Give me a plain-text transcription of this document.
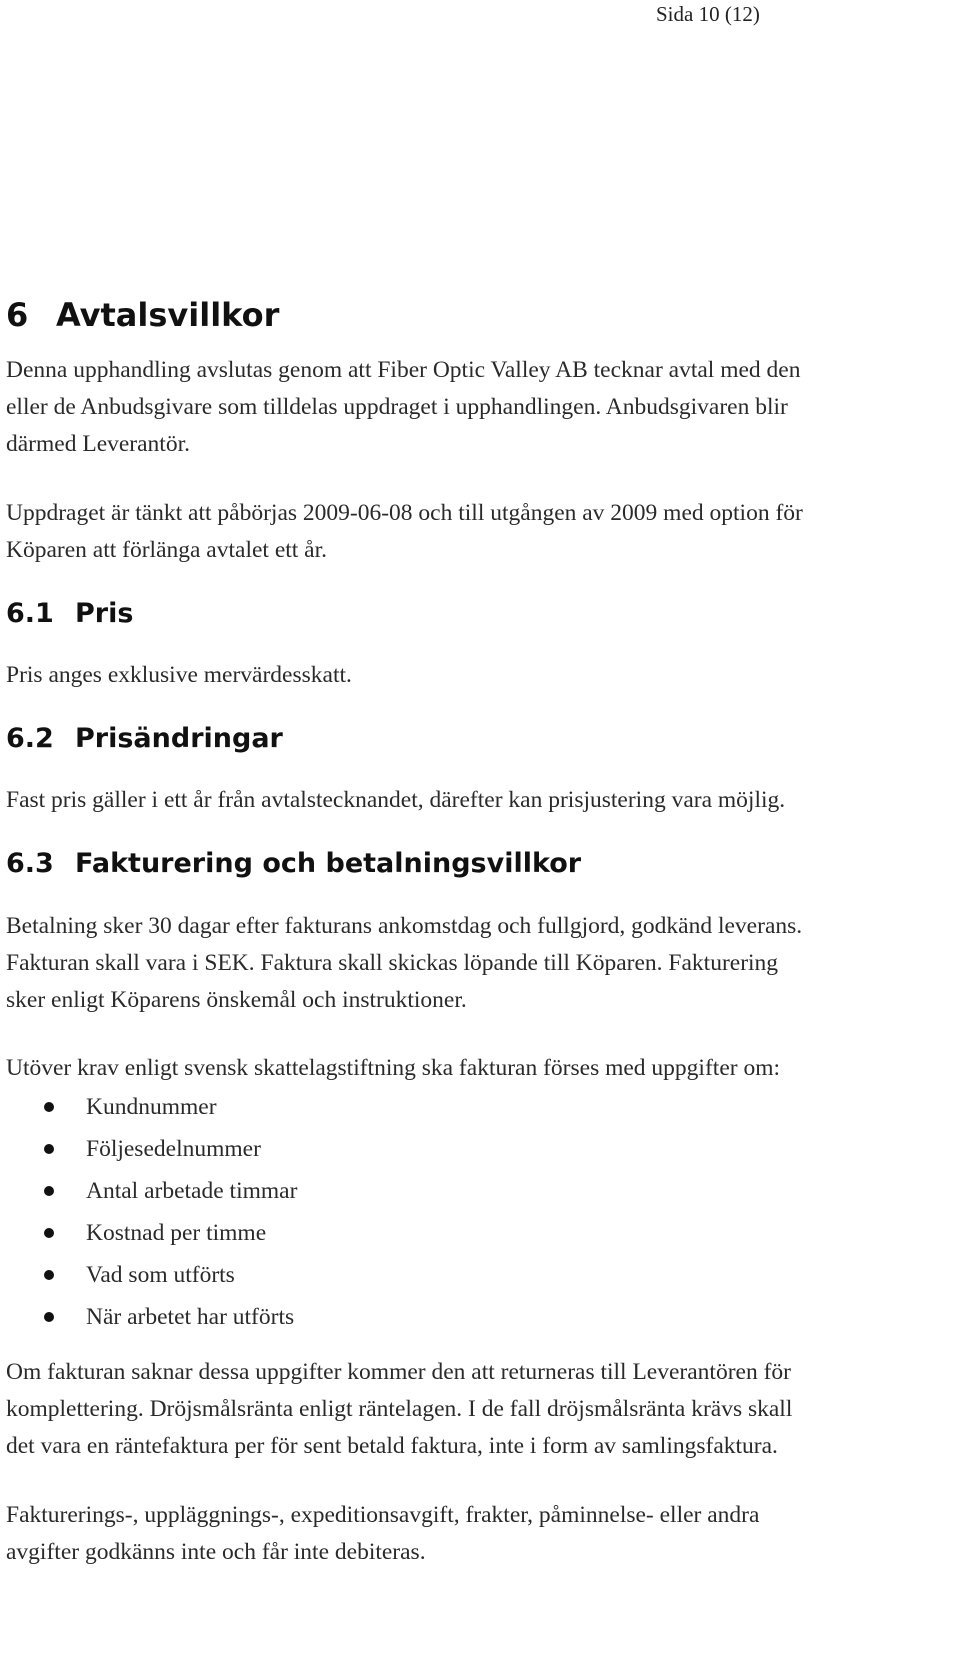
Sida 10 (12)
6 Avtalsvillkor

Denna upphandling avslutas genom att Fiber Optic Valley AB tecknar avtal med den
eller de Anbudsgivare som tilldelas uppdraget i upphandlingen. Anbudsgivaren blir
därmed Leverantör.

Uppdraget är tänkt att påbörjas 2009-06-08 och till utgången av 2009 med option för
Köparen att förlänga avtalet ett år.

6.1 Pris

Pris anges exklusive mervärdesskatt.

6.2 Prisändringar

Fast pris gäller i ett år från avtalstecknandet, därefter kan prisjustering vara möjlig.

6.3 Fakturering och betalningsvillkor

Betalning sker 30 dagar efter fakturans ankomstdag och fullgjord, godkänd leverans.
Fakturan skall vara i SEK. Faktura skall skickas löpande till Köparen. Fakturering
sker enligt Köparens önskemål och instruktioner.

Utöver krav enligt svensk skattelagstiftning ska fakturan förses med uppgifter om:

Kundnummer
Följesedelnummer
Antal arbetade timmar
Kostnad per timme
Vad som utförts
När arbetet har utförts

Om fakturan saknar dessa uppgifter kommer den att returneras till Leverantören för
komplettering. Dröjsmålsränta enligt räntelagen. I de fall dröjsmålsränta krävs skall
det vara en räntefaktura per för sent betald faktura, inte i form av samlingsfaktura.

Fakturerings-, uppläggnings-, expeditionsavgift, frakter, påminnelse- eller andra
avgifter godkänns inte och får inte debiteras.
